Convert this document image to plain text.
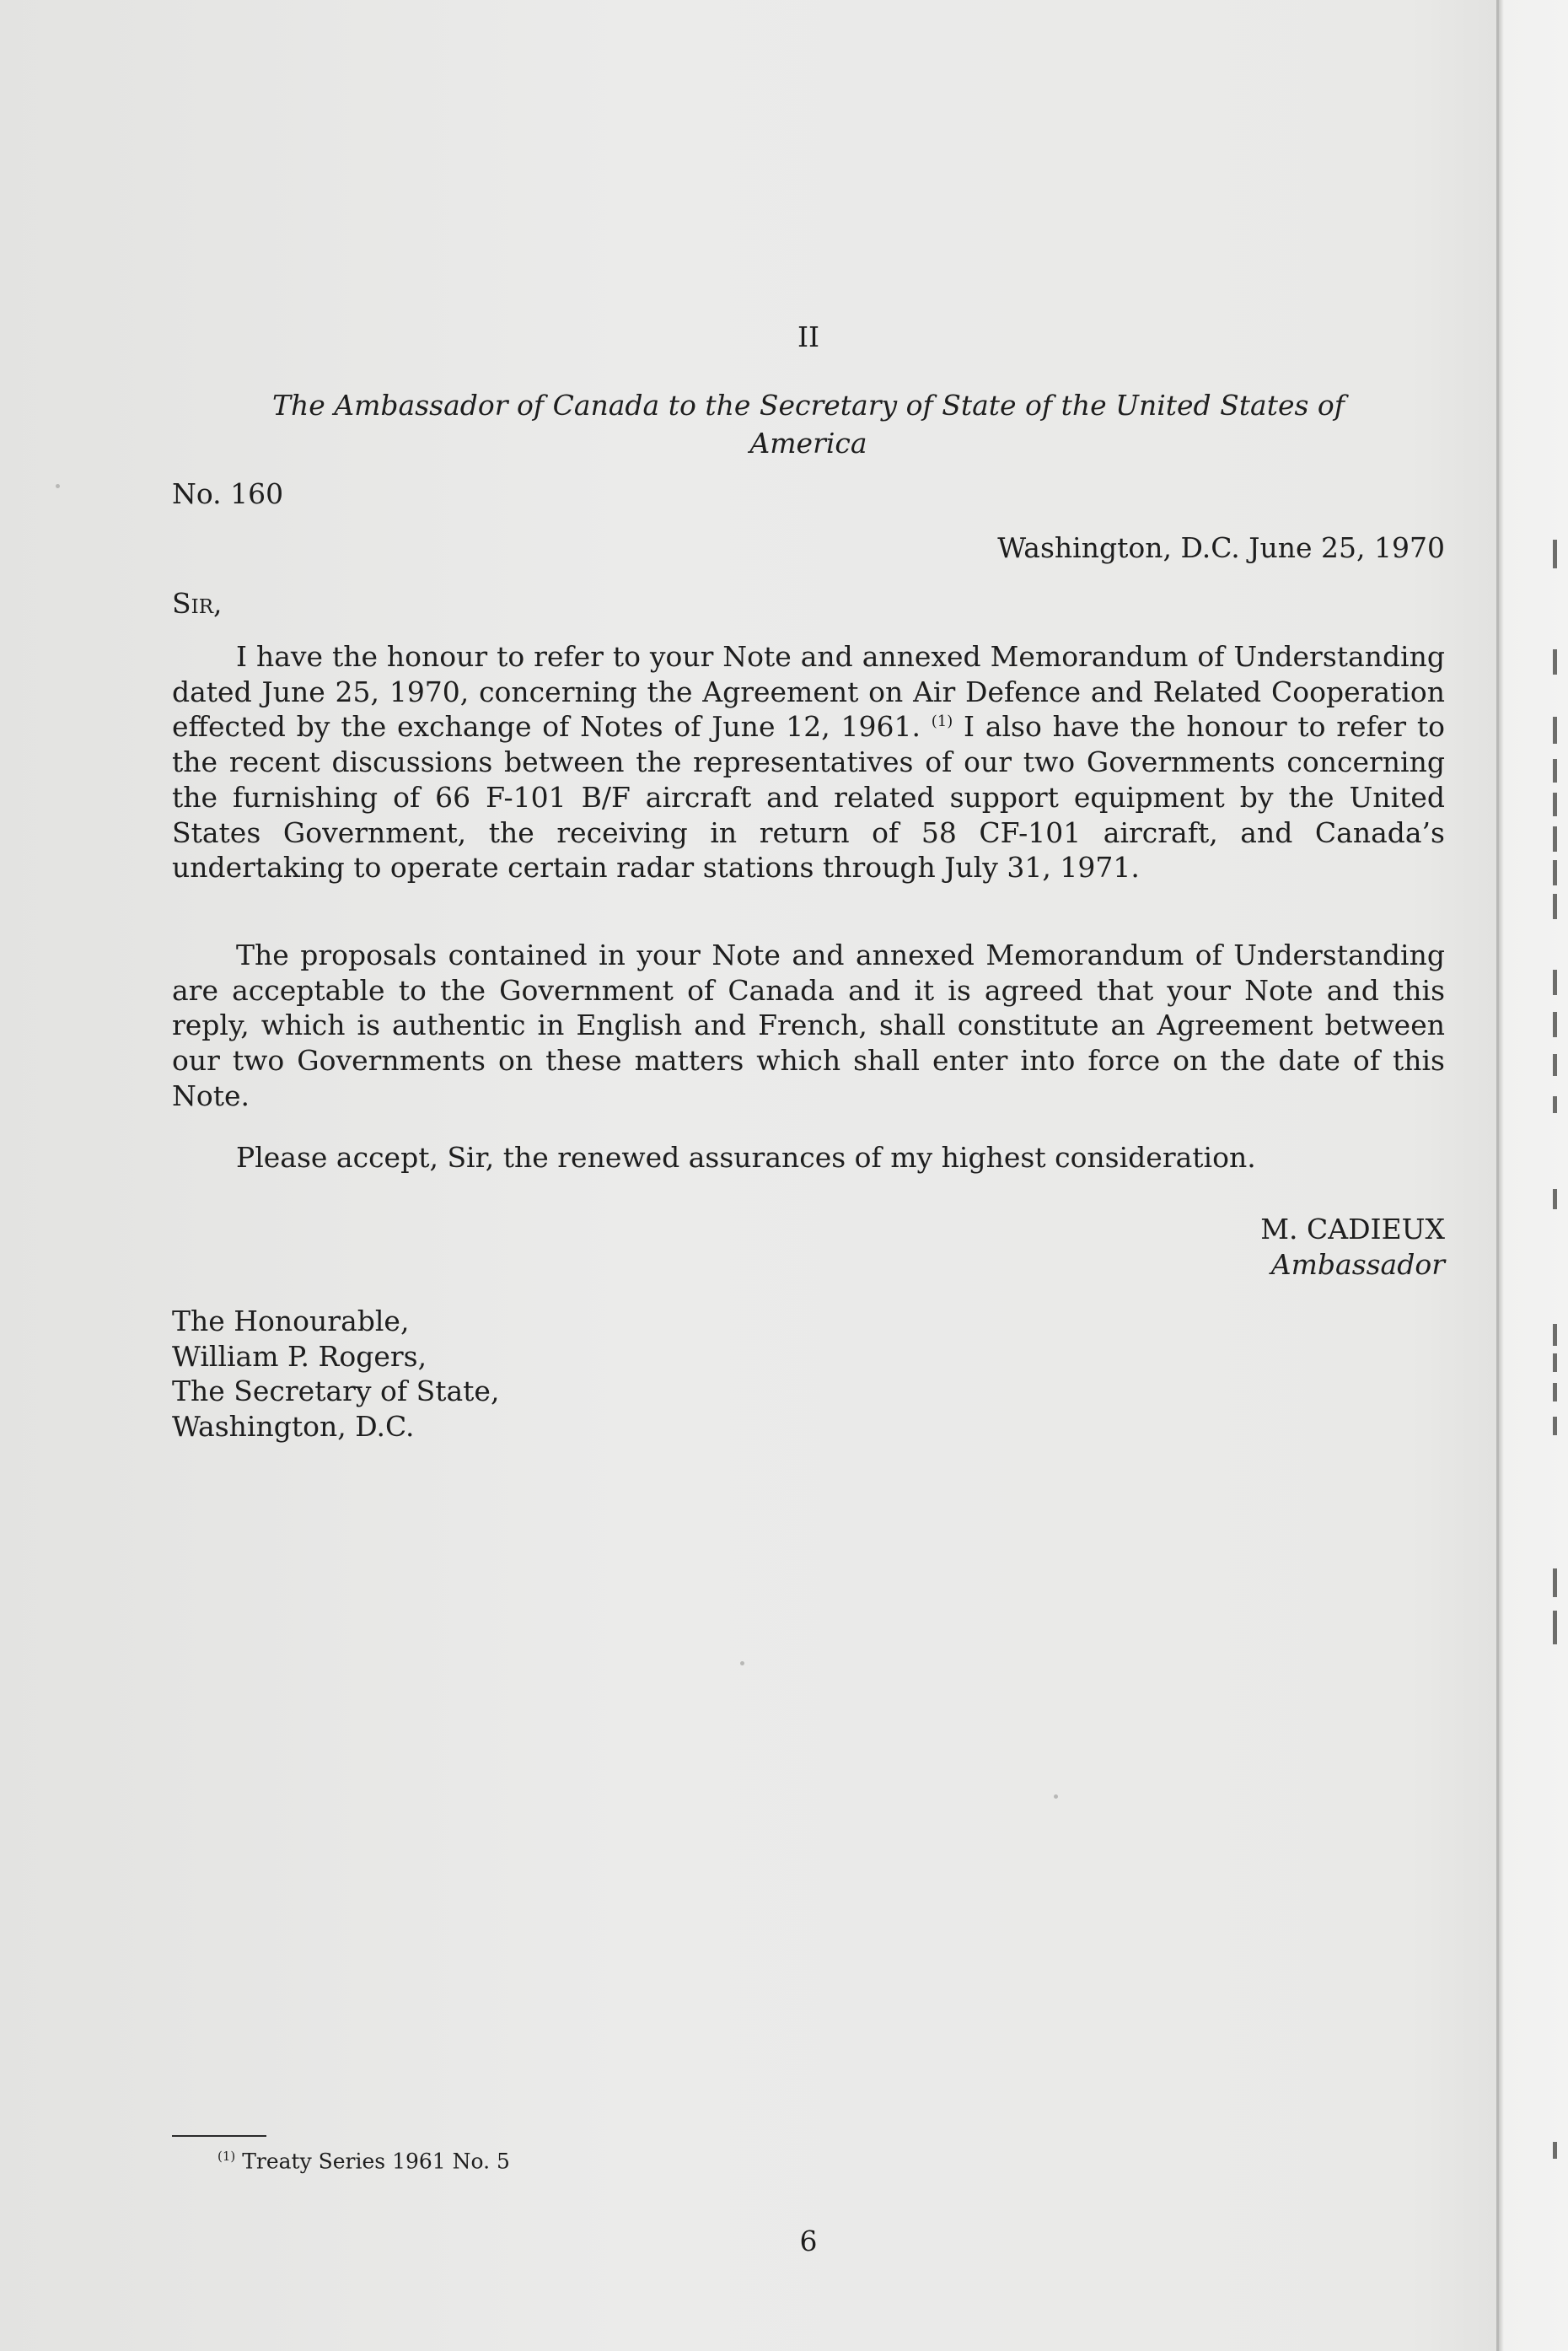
II
The Ambassador of Canada to the Secretary of State of the United States of
America
No. 160
Washington, D.C. June 25, 1970
Sir,
I have the honour to refer to your Note and annexed Memorandum of Understanding dated June 25, 1970, concerning the Agreement on Air Defence and Related Cooperation effected by the exchange of Notes of June 12, 1961. $^{(1)}$ I also have the honour to refer to the recent discussions between the representatives of our two Governments concerning the furnishing of 66 F-101 B/F aircraft and related support equipment by the United States Government, the receiving in return of 58 CF-101 aircraft, and Canada’s undertaking to operate certain radar stations through July 31, 1971.
The proposals contained in your Note and annexed Memorandum of Understanding are acceptable to the Government of Canada and it is agreed that your Note and this reply, which is authentic in English and French, shall constitute an Agreement between our two Governments on these matters which shall enter into force on the date of this Note.
Please accept, Sir, the renewed assurances of my highest consideration.
M. CADIEUX
Ambassador
The Honourable,
William P. Rogers,
The Secretary of State,
Washington, D.C.
$^{(1)}$ Treaty Series 1961 No. 5
6
